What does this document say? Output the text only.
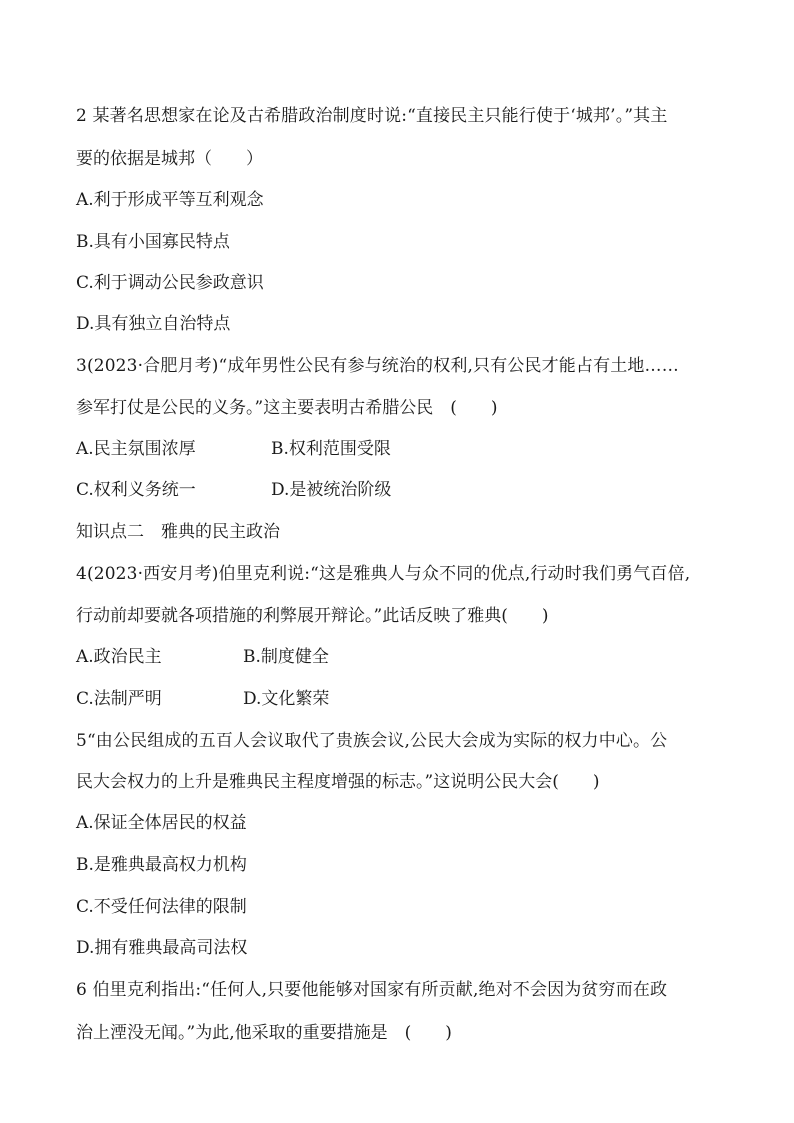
2 某著名思想家在论及古希腊政治制度时说:“直接民主只能行使于‘城邦’。”其主
要的依据是城邦（　　）
A.利于形成平等互利观念
B.具有小国寡民特点
C.利于调动公民参政意识
D.具有独立自治特点
3(2023·合肥月考)“成年男性公民有参与统治的权利,只有公民才能占有土地……
参军打仗是公民的义务。”这主要表明古希腊公民　(　　)
A.民主氛围浓厚	B.权利范围受限
C.权利义务统一	D.是被统治阶级
知识点二　雅典的民主政治
4(2023·西安月考)伯里克利说:“这是雅典人与众不同的优点,行动时我们勇气百倍,
行动前却要就各项措施的利弊展开辩论。”此话反映了雅典(　　)
A.政治民主	B.制度健全
C.法制严明	D.文化繁荣
5“由公民组成的五百人会议取代了贵族会议,公民大会成为实际的权力中心。公
民大会权力的上升是雅典民主程度增强的标志。”这说明公民大会(　　)
A.保证全体居民的权益
B.是雅典最高权力机构
C.不受任何法律的限制
D.拥有雅典最高司法权
6 伯里克利指出:“任何人,只要他能够对国家有所贡献,绝对不会因为贫穷而在政
治上湮没无闻。”为此,他采取的重要措施是　(　　)
